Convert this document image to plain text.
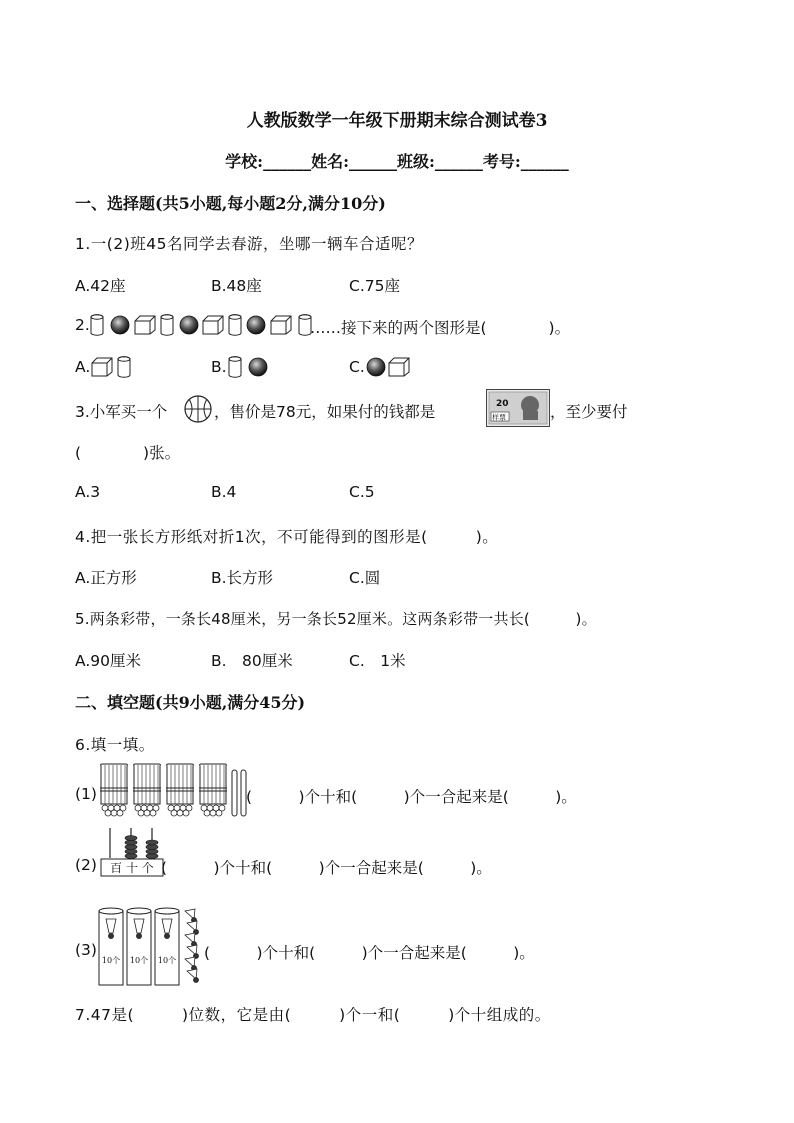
人教版数学一年级下册期末综合测试卷3
学校:______姓名:______班级:______考号:______
一、选择题(共5小题,每小题2分,满分10分)
1.一(2)班45名同学去春游，坐哪一辆车合适呢？
A.42座	B.48座	C.75座
2.	……接下来的两个图形是(　　　　)。
A.	B.	C.
3.小军买一个	，售价是78元，如果付的钱都是	20
样票	，至少要付
(　　　　)张。
A.3	B.4	C.5
4.把一张长方形纸对折1次，不可能得到的图形是(　　　)。
A.正方形	B.长方形	C.圆
5.两条彩带，一条长48厘米，另一条长52厘米。这两条彩带一共长(　　　)。
A.90厘米	B.　80厘米	C.　1米
二、填空题(共9小题,满分45分)
6.填一填。
(1)	(　　　)个十和(　　　)个一合起来是(　　　)。
(2) 百 十 个 (　　　)个十和(　　　)个一合起来是(　　　)。
(3)
10个 10个 10个 (　　　)个十和(　　　)个一合起来是(　　　)。
7.47是(　　　)位数，它是由(　　　)个一和(　　　)个十组成的。
